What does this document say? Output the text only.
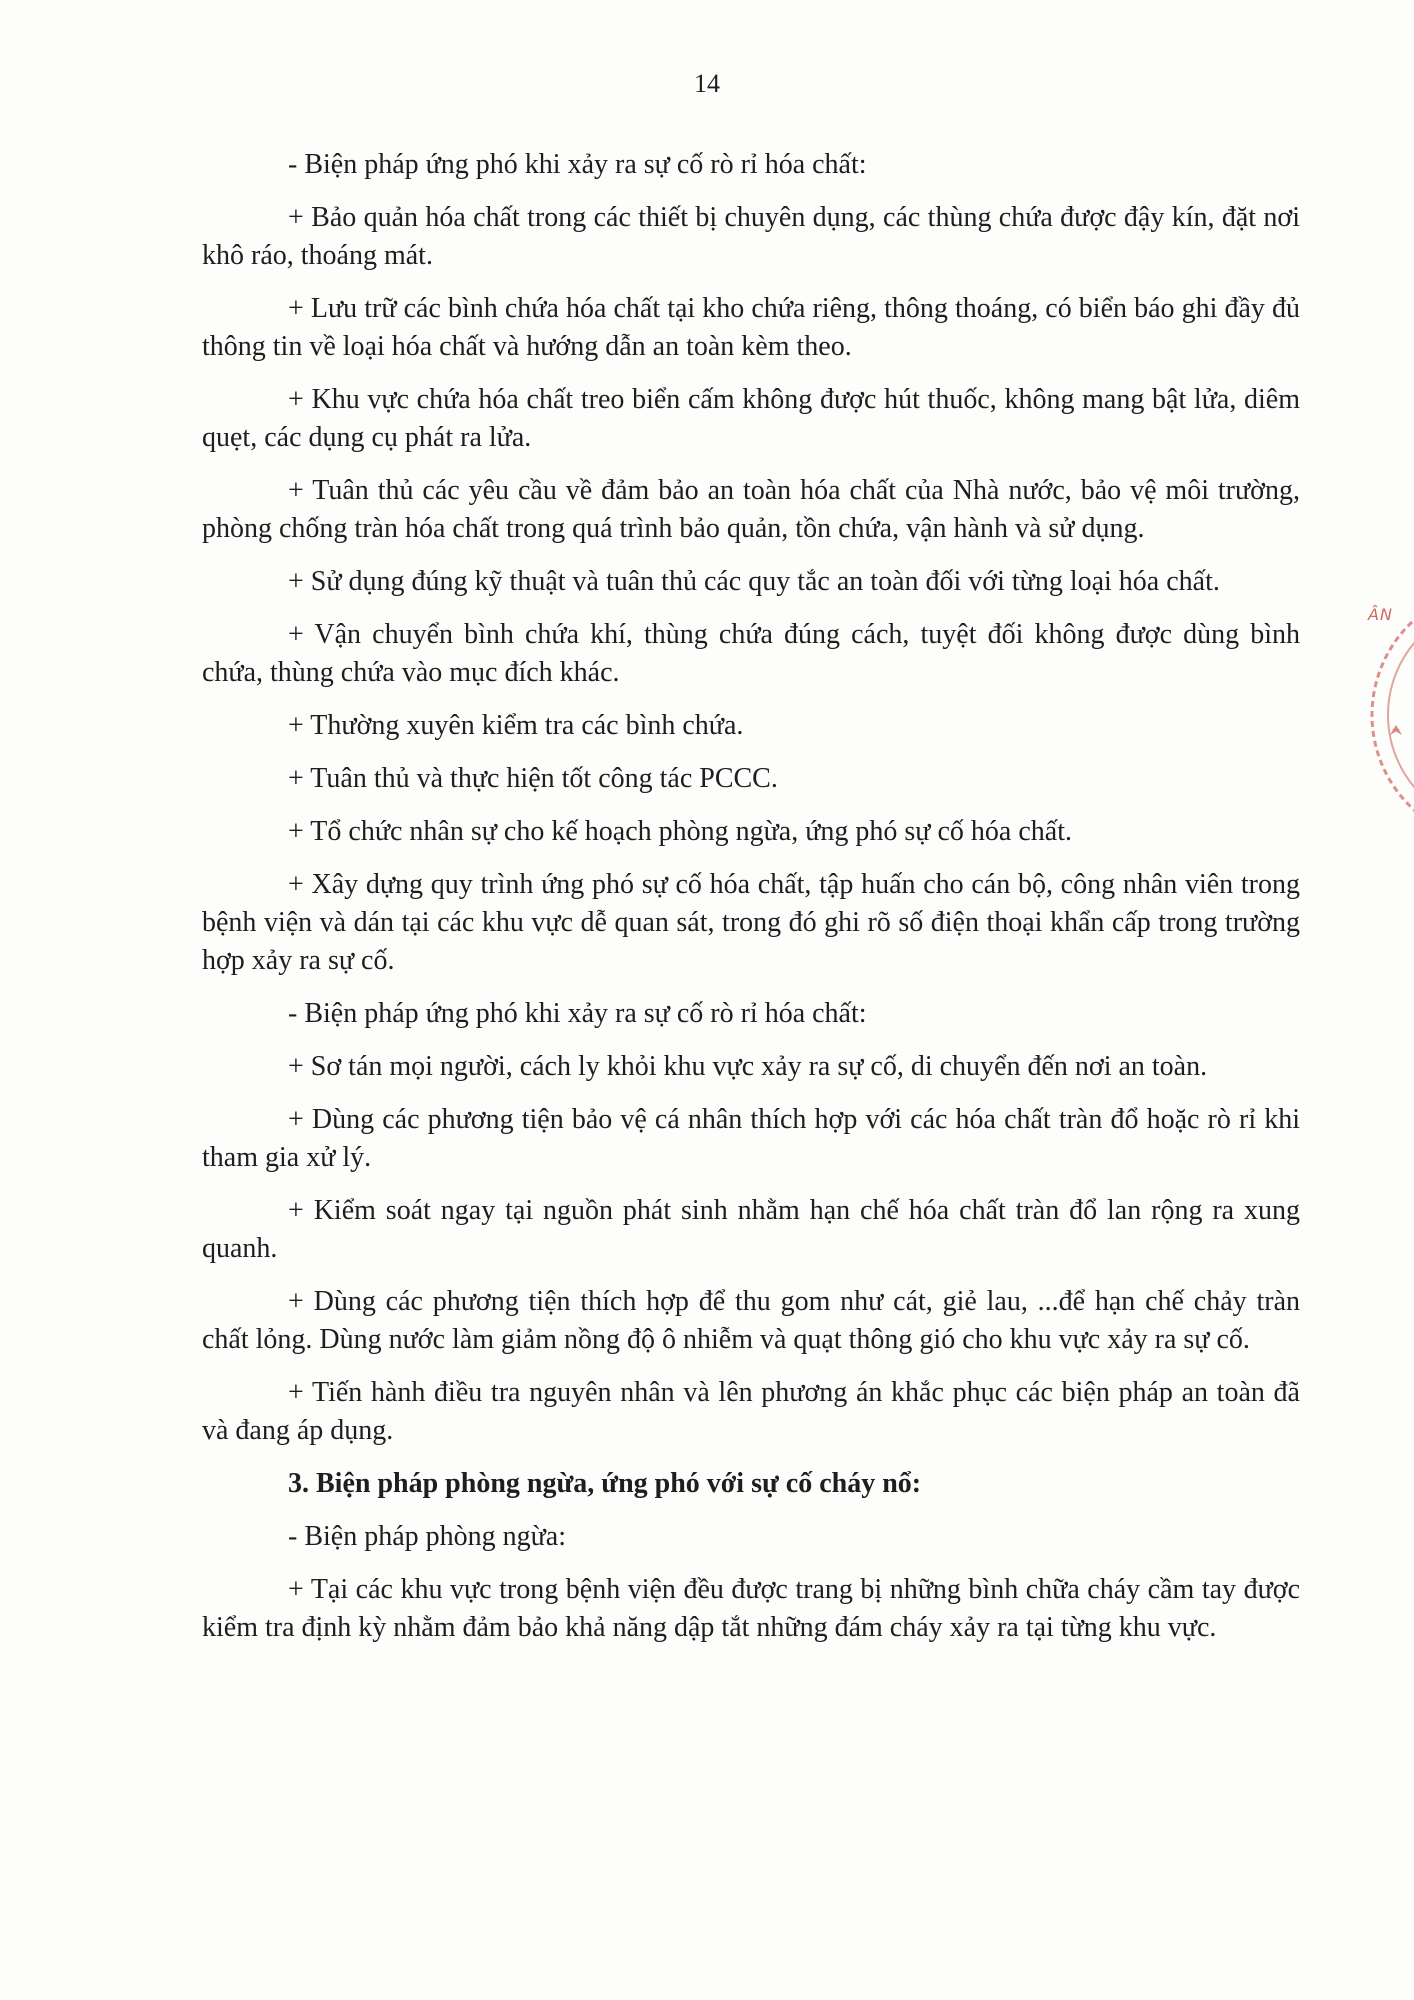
14

- Biện pháp ứng phó khi xảy ra sự cố rò rỉ hóa chất:

+ Bảo quản hóa chất trong các thiết bị chuyên dụng, các thùng chứa được đậy kín, đặt nơi khô ráo, thoáng mát.

+ Lưu trữ các bình chứa hóa chất tại kho chứa riêng, thông thoáng, có biển báo ghi đầy đủ thông tin về loại hóa chất và hướng dẫn an toàn kèm theo.

+ Khu vực chứa hóa chất treo biển cấm không được hút thuốc, không mang bật lửa, diêm quẹt, các dụng cụ phát ra lửa.

+ Tuân thủ các yêu cầu về đảm bảo an toàn hóa chất của Nhà nước, bảo vệ môi trường, phòng chống tràn hóa chất trong quá trình bảo quản, tồn chứa, vận hành và sử dụng.

+ Sử dụng đúng kỹ thuật và tuân thủ các quy tắc an toàn đối với từng loại hóa chất.

+ Vận chuyển bình chứa khí, thùng chứa đúng cách, tuyệt đối không được dùng bình chứa, thùng chứa vào mục đích khác.

+ Thường xuyên kiểm tra các bình chứa.

+ Tuân thủ và thực hiện tốt công tác PCCC.

+ Tổ chức nhân sự cho kế hoạch phòng ngừa, ứng phó sự cố hóa chất.

+ Xây dựng quy trình ứng phó sự cố hóa chất, tập huấn cho cán bộ, công nhân viên trong bệnh viện và dán tại các khu vực dễ quan sát, trong đó ghi rõ số điện thoại khẩn cấp trong trường hợp xảy ra sự cố.

- Biện pháp ứng phó khi xảy ra sự cố rò rỉ hóa chất:

+ Sơ tán mọi người, cách ly khỏi khu vực xảy ra sự cố, di chuyển đến nơi an toàn.

+ Dùng các phương tiện bảo vệ cá nhân thích hợp với các hóa chất tràn đổ hoặc rò rỉ khi tham gia xử lý.

+ Kiểm soát ngay tại nguồn phát sinh nhằm hạn chế hóa chất tràn đổ lan rộng ra xung quanh.

+ Dùng các phương tiện thích hợp để thu gom như cát, giẻ lau, ...để hạn chế chảy tràn chất lỏng. Dùng nước làm giảm nồng độ ô nhiễm và quạt thông gió cho khu vực xảy ra sự cố.

+ Tiến hành điều tra nguyên nhân và lên phương án khắc phục các biện pháp an toàn đã và đang áp dụng.

3. Biện pháp phòng ngừa, ứng phó với sự cố cháy nổ:

- Biện pháp phòng ngừa:

+ Tại các khu vực trong bệnh viện đều được trang bị những bình chữa cháy cầm tay được kiểm tra định kỳ nhằm đảm bảo khả năng dập tắt những đám cháy xảy ra tại từng khu vực.

ÂN
